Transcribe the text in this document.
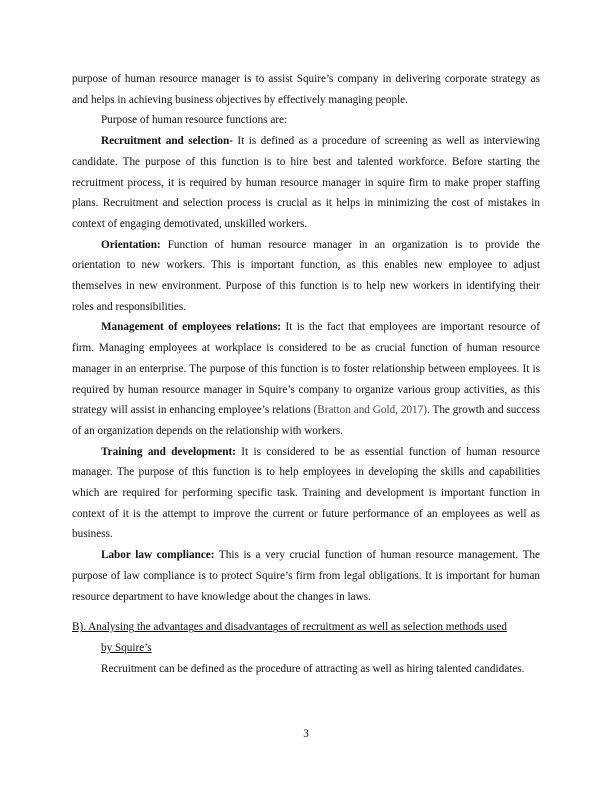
purpose of human resource manager is to assist Squire’s company in delivering corporate strategy as and helps in achieving business objectives by effectively managing people.

Purpose of human resource functions are:

Recruitment and selection- It is defined as a procedure of screening as well as interviewing candidate. The purpose of this function is to hire best and talented workforce. Before starting the recruitment process, it is required by human resource manager in squire firm to make proper staffing plans. Recruitment and selection process is crucial as it helps in minimizing the cost of mistakes in context of engaging demotivated, unskilled workers.

Orientation: Function of human resource manager in an organization is to provide the orientation to new workers. This is important function, as this enables new employee to adjust themselves in new environment. Purpose of this function is to help new workers in identifying their roles and responsibilities.

Management of employees relations: It is the fact that employees are important resource of firm. Managing employees at workplace is considered to be as crucial function of human resource manager in an enterprise. The purpose of this function is to foster relationship between employees. It is required by human resource manager in Squire’s company to organize various group activities, as this strategy will assist in enhancing employee’s relations (Bratton and Gold, 2017). The growth and success of an organization depends on the relationship with workers.

Training and development: It is considered to be as essential function of human resource manager. The purpose of this function is to help employees in developing the skills and capabilities which are required for performing specific task. Training and development is important function in context of it is the attempt to improve the current or future performance of an employees as well as business.

Labor law compliance: This is a very crucial function of human resource management. The purpose of law compliance is to protect Squire’s firm from legal obligations. It is important for human resource department to have knowledge about the changes in laws.

B). Analysing the advantages and disadvantages of recruitment as well as selection methods used
by Squire’s

Recruitment can be defined as the procedure of attracting as well as hiring talented candidates.

3
